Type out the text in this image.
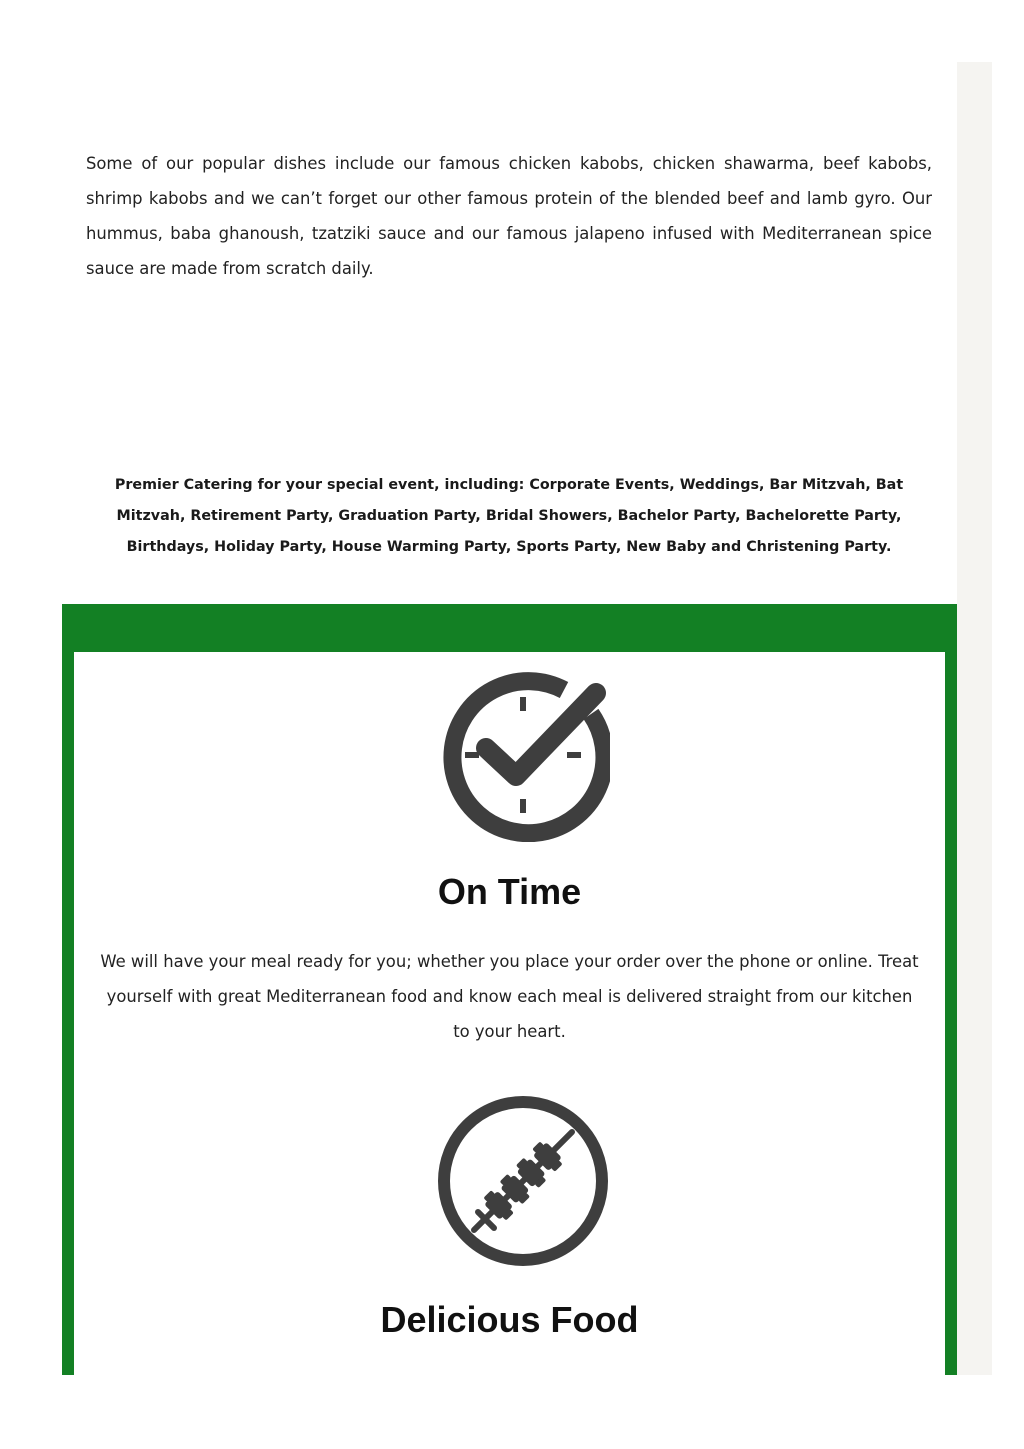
Some of our popular dishes include our famous chicken kabobs, chicken shawarma, beef kabobs, shrimp kabobs and we can’t forget our other famous protein of the blended beef and lamb gyro. Our hummus, baba ghanoush, tzatziki sauce and our famous jalapeno infused with Mediterranean spice sauce are made from scratch daily.

Premier Catering for your special event, including: Corporate Events, Weddings, Bar Mitzvah, Bat Mitzvah, Retirement Party, Graduation Party, Bridal Showers, Bachelor Party, Bachelorette Party, Birthdays, Holiday Party, House Warming Party, Sports Party, New Baby and Christening Party.

On Time

We will have your meal ready for you; whether you place your order over the phone or online. Treat yourself with great Mediterranean food and know each meal is delivered straight from our kitchen to your heart.

Delicious Food
